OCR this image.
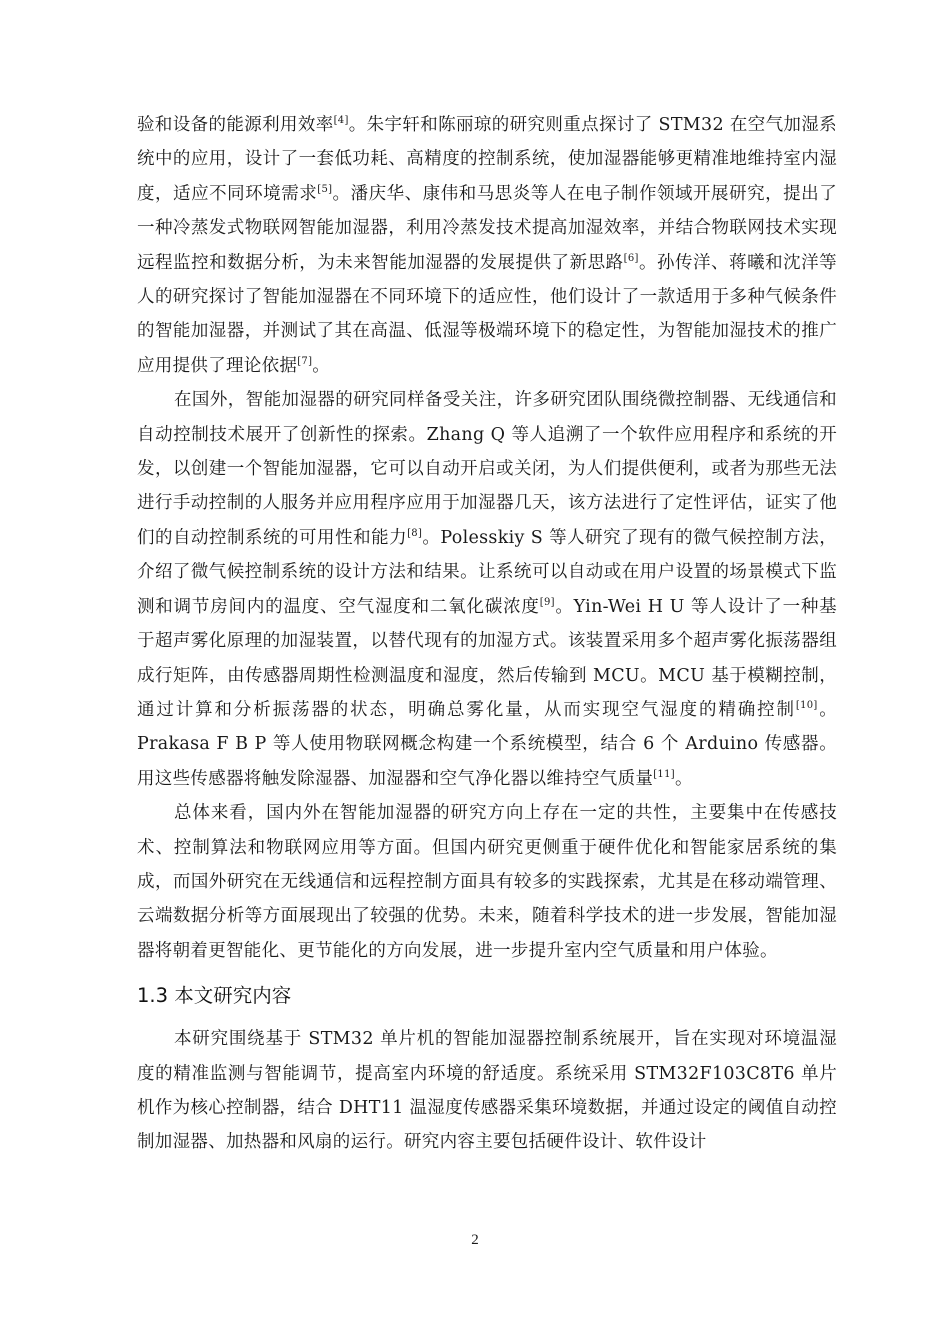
验和设备的能源利用效率[4]。朱宇轩和陈丽琼的研究则重点探讨了 STM32 在空气加湿系统中的应用，设计了一套低功耗、高精度的控制系统，使加湿器能够更精准地维持室内湿度，适应不同环境需求[5]。潘庆华、康伟和马思炎等人在电子制作领域开展研究，提出了一种冷蒸发式物联网智能加湿器，利用冷蒸发技术提高加湿效率，并结合物联网技术实现远程监控和数据分析，为未来智能加湿器的发展提供了新思路[6]。孙传洋、蒋曦和沈洋等人的研究探讨了智能加湿器在不同环境下的适应性，他们设计了一款适用于多种气候条件的智能加湿器，并测试了其在高温、低湿等极端环境下的稳定性，为智能加湿技术的推广应用提供了理论依据[7]。

在国外，智能加湿器的研究同样备受关注，许多研究团队围绕微控制器、无线通信和自动控制技术展开了创新性的探索。Zhang Q 等人追溯了一个软件应用程序和系统的开发，以创建一个智能加湿器，它可以自动开启或关闭，为人们提供便利，或者为那些无法进行手动控制的人服务并应用程序应用于加湿器几天，该方法进行了定性评估，证实了他们的自动控制系统的可用性和能力[8]。Polesskiy S 等人研究了现有的微气候控制方法，介绍了微气候控制系统的设计方法和结果。让系统可以自动或在用户设置的场景模式下监测和调节房间内的温度、空气湿度和二氧化碳浓度[9]。Yin-Wei H U 等人设计了一种基于超声雾化原理的加湿装置，以替代现有的加湿方式。该装置采用多个超声雾化振荡器组成行矩阵，由传感器周期性检测温度和湿度，然后传输到 MCU。MCU 基于模糊控制，通过计算和分析振荡器的状态，明确总雾化量，从而实现空气湿度的精确控制[10]。Prakasa F B P 等人使用物联网概念构建一个系统模型，结合 6 个 Arduino 传感器。用这些传感器将触发除湿器、加湿器和空气净化器以维持空气质量[11]。

总体来看，国内外在智能加湿器的研究方向上存在一定的共性，主要集中在传感技术、控制算法和物联网应用等方面。但国内研究更侧重于硬件优化和智能家居系统的集成，而国外研究在无线通信和远程控制方面具有较多的实践探索，尤其是在移动端管理、云端数据分析等方面展现出了较强的优势。未来，随着科学技术的进一步发展，智能加湿器将朝着更智能化、更节能化的方向发展，进一步提升室内空气质量和用户体验。

1.3 本文研究内容

本研究围绕基于 STM32 单片机的智能加湿器控制系统展开，旨在实现对环境温湿度的精准监测与智能调节，提高室内环境的舒适度。系统采用 STM32F103C8T6 单片机作为核心控制器，结合 DHT11 温湿度传感器采集环境数据，并通过设定的阈值自动控制加湿器、加热器和风扇的运行。研究内容主要包括硬件设计、软件设计

2
